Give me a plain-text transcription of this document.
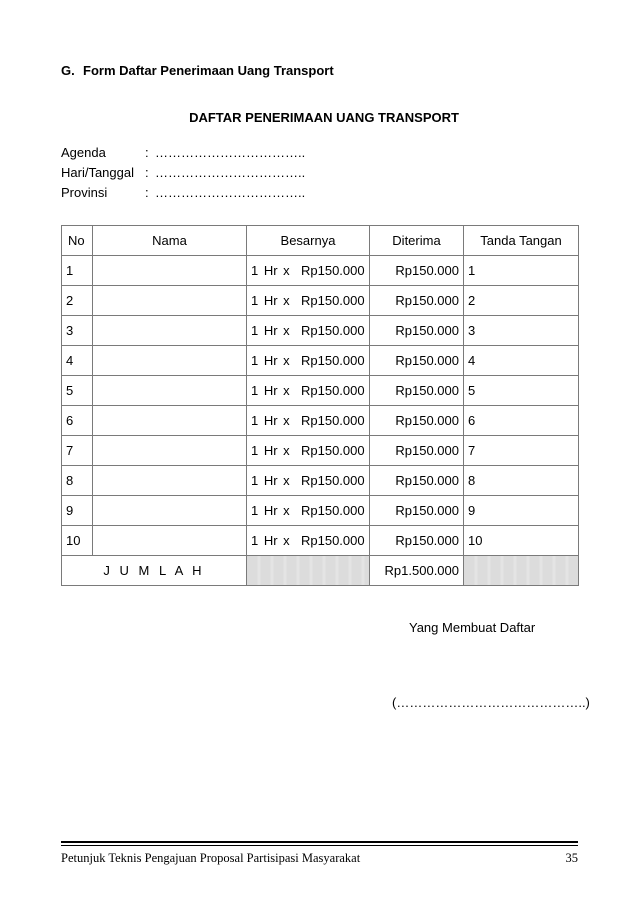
G. Form Daftar Penerimaan Uang Transport
DAFTAR PENERIMAAN UANG TRANSPORT
Agenda	: ……………………………..
Hari/Tanggal : ……………………………..
Provinsi	: ……………………………..
No	Nama	Besarnya	Diterima	Tanda Tangan
1		1 Hr x Rp150.000	Rp150.000	1
2		1 Hr x Rp150.000	Rp150.000	2
3		1 Hr x Rp150.000	Rp150.000	3
4		1 Hr x Rp150.000	Rp150.000	4
5		1 Hr x Rp150.000	Rp150.000	5
6		1 Hr x Rp150.000	Rp150.000	6
7		1 Hr x Rp150.000	Rp150.000	7
8		1 Hr x Rp150.000	Rp150.000	8
9		1 Hr x Rp150.000	Rp150.000	9
10		1 Hr x Rp150.000	Rp150.000	10
J U M L A H			Rp1.500.000	
Yang Membuat Daftar
(……………………………………..)
Petunjuk Teknis Pengajuan Proposal Partisipasi Masyarakat	35
